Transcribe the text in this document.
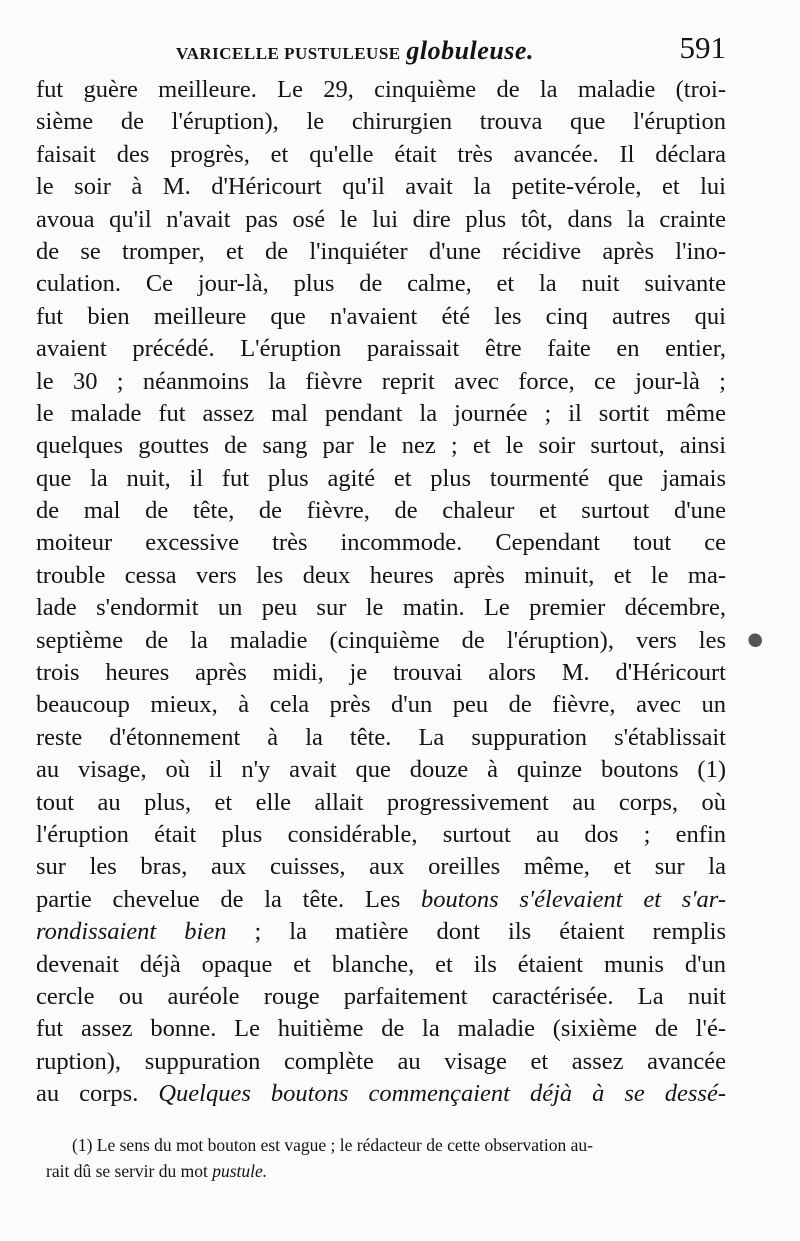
VARICELLE PUSTULEUSE globuleuse.	591
fut guère meilleure. Le 29, cinquième de la maladie (troi-
sième de l'éruption), le chirurgien trouva que l'éruption
faisait des progrès, et qu'elle était très avancée. Il déclara
le soir à M. d'Héricourt qu'il avait la petite-vérole, et lui
avoua qu'il n'avait pas osé le lui dire plus tôt, dans la crainte
de se tromper, et de l'inquiéter d'une récidive après l'ino-
culation. Ce jour-là, plus de calme, et la nuit suivante
fut bien meilleure que n'avaient été les cinq autres qui
avaient précédé. L'éruption paraissait être faite en entier,
le 30 ; néanmoins la fièvre reprit avec force, ce jour-là ;
le malade fut assez mal pendant la journée ; il sortit même
quelques gouttes de sang par le nez ; et le soir surtout, ainsi
que la nuit, il fut plus agité et plus tourmenté que jamais
de mal de tête, de fièvre, de chaleur et surtout d'une
moiteur excessive très incommode. Cependant tout ce
trouble cessa vers les deux heures après minuit, et le ma-
lade s'endormit un peu sur le matin. Le premier décembre,
septième de la maladie (cinquième de l'éruption), vers les
trois heures après midi, je trouvai alors M. d'Héricourt
beaucoup mieux, à cela près d'un peu de fièvre, avec un
reste d'étonnement à la tête. La suppuration s'établissait
au visage, où il n'y avait que douze à quinze boutons (1)
tout au plus, et elle allait progressivement au corps, où
l'éruption était plus considérable, surtout au dos ; enfin
sur les bras, aux cuisses, aux oreilles même, et sur la
partie chevelue de la tête. Les boutons s'élevaient et s'ar-
rondissaient bien ; la matière dont ils étaient remplis
devenait déjà opaque et blanche, et ils étaient munis d'un
cercle ou auréole rouge parfaitement caractérisée. La nuit
fut assez bonne. Le huitième de la maladie (sixième de l'é-
ruption), suppuration complète au visage et assez avancée
au corps. Quelques boutons commençaient déjà à se dessé-
(1) Le sens du mot bouton est vague ; le rédacteur de cette observation au-
rait dû se servir du mot pustule.
